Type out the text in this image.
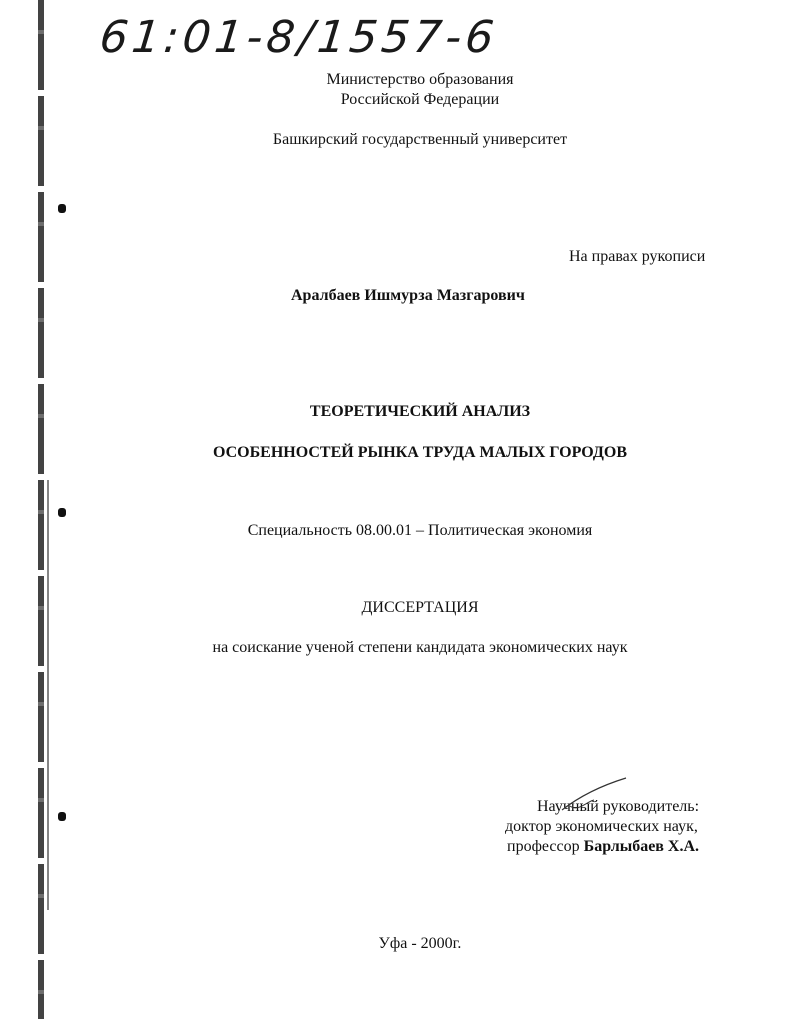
61:01-8/1557-6
Министерство образования
Российской Федерации
Башкирский государственный университет
На правах рукописи
Аралбаев Ишмурза Мазгарович
ТЕОРЕТИЧЕСКИЙ АНАЛИЗ
ОСОБЕННОСТЕЙ РЫНКА ТРУДА МАЛЫХ ГОРОДОВ
Специальность 08.00.01 – Политическая экономия
ДИССЕРТАЦИЯ
на соискание ученой степени кандидата экономических наук
Научный руководитель:
доктор экономических наук,
профессор Барлыбаев Х.А.
Уфа - 2000г.
